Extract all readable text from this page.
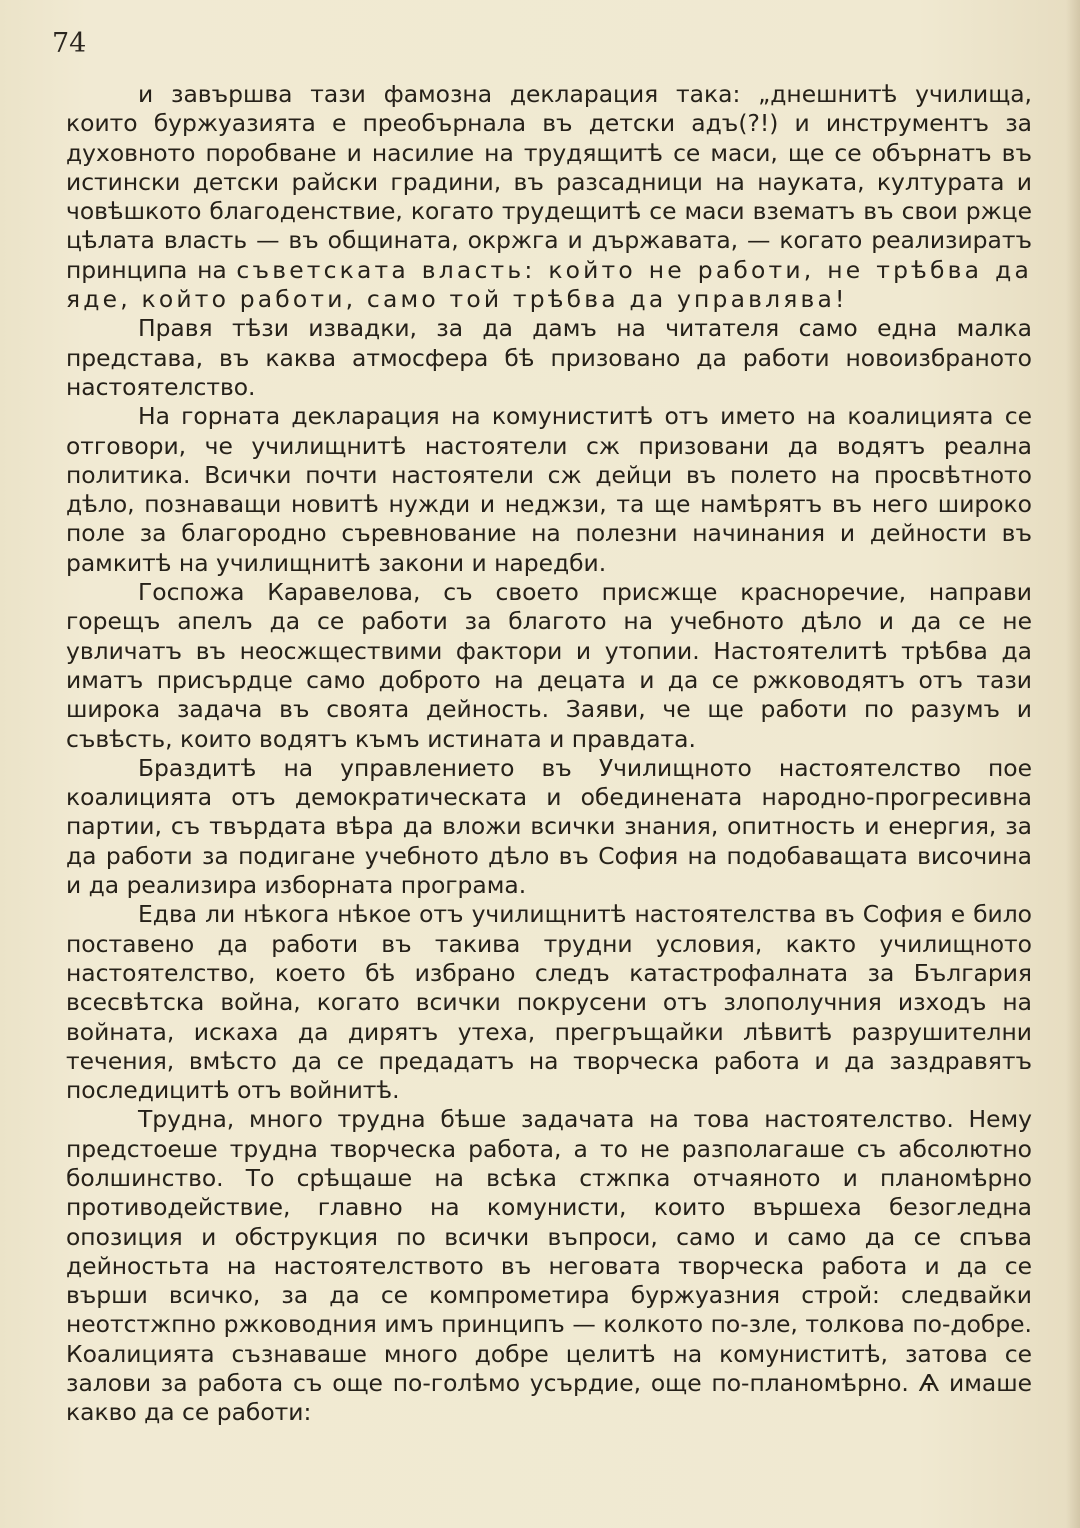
74

и завършва тази фамозна декларация така: „днешнитѣ училища, които буржуазията е преобърнала въ детски адъ(?!) и инструментъ за духовното поробване и насилие на трудящитѣ се маси, ще се обърнатъ въ истински детски райски градини, въ разсадници на науката, културата и човѣшкото благоденствие, когато трудещитѣ се маси взематъ въ свои ржце цѣлата власть — въ общината, окржга и държавата, — когато реализиратъ принципа на съветската власть: който не работи, не трѣбва да яде, който работи, само той трѣбва да управлява!

Правя тѣзи извадки, за да дамъ на читателя само една малка представа, въ каква атмосфера бѣ призовано да работи новоизбраното настоятелство.

На горната декларация на комуниститѣ отъ името на коалицията се отговори, че училищнитѣ настоятели сж призовани да водятъ реална политика. Всички почти настоятели сж дейци въ полето на просвѣтното дѣло, познаващи новитѣ нужди и неджзи, та ще намѣрятъ въ него широко поле за благородно съревнование на полезни начинания и дейности въ рамкитѣ на училищнитѣ закони и наредби.

Госпожа Каравелова, съ своето присжще красноречие, направи горещъ апелъ да се работи за благото на учебното дѣло и да се не увличатъ въ неосжществими фактори и утопии. Настоятелитѣ трѣбва да иматъ присърдце само доброто на децата и да се ржководятъ отъ тази широка задача въ своята дейность. Заяви, че ще работи по разумъ и съвѣсть, които водятъ къмъ истината и правдата.

Браздитѣ на управлението въ Училищното настоятелство пое коалицията отъ демократическата и обединената народно-прогресивна партии, съ твърдата вѣра да вложи всички знания, опитность и енергия, за да работи за подигане учебното дѣло въ София на подобаващата височина и да реализира изборната програма.

Едва ли нѣкога нѣкое отъ училищнитѣ настоятелства въ София е било поставено да работи въ такива трудни условия, както училищното настоятелство, което бѣ избрано следъ катастрофалната за България всесвѣтска война, когато всички покрусени отъ злополучния изходъ на войната, искаха да дирятъ утеха, прегръщайки лѣвитѣ разрушителни течения, вмѣсто да се предадатъ на творческа работа и да заздравятъ последицитѣ отъ войнитѣ.

Трудна, много трудна бѣше задачата на това настоятелство. Нему предстоеше трудна творческа работа, а то не разполагаше съ абсолютно болшинство. То срѣщаше на всѣка стжпка отчаяното и планомѣрно противодействие, главно на комунисти, които вършеха безогледна опозиция и обструкция по всички въпроси, само и само да се спъва дейностьта на настоятелството въ неговата творческа работа и да се върши всичко, за да се компрометира буржуазния строй: следвайки неотстжпно ржководния имъ принципъ — колкото по-зле, толкова по-добре. Коалицията съзнаваше много добре целитѣ на комуниститѣ, затова се залови за работа съ още по-голѣмо усърдие, още по-планомѣрно. Ѧ имаше какво да се работи:
